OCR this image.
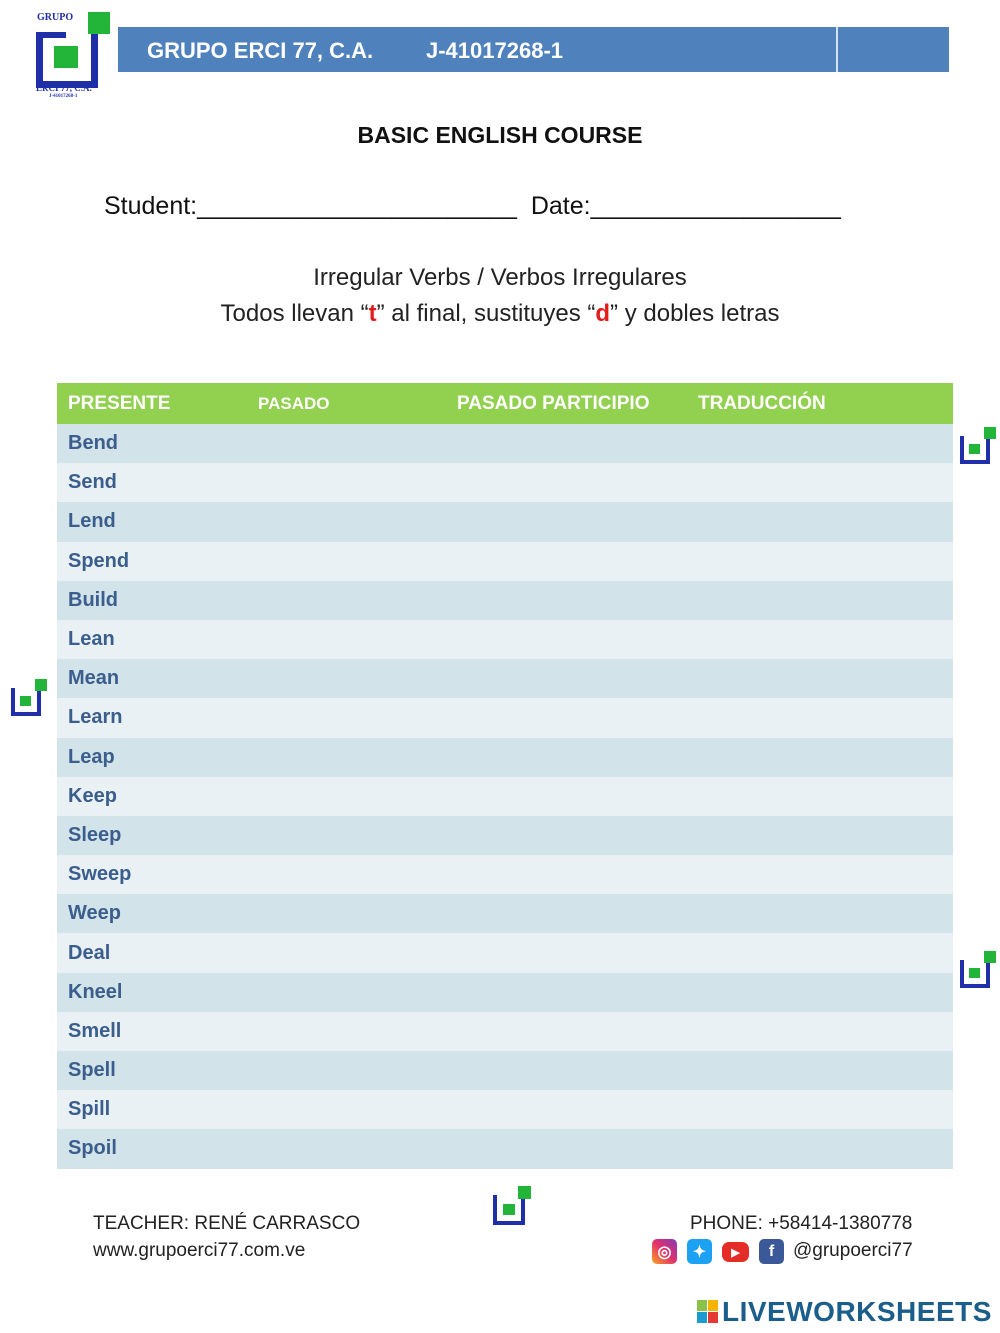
GRUPO
ERCI 77, C.A.
J-41017268-1
GRUPO ERCI 77, C.A. J-41017268-1
BASIC ENGLISH COURSE
Student:_______________________ Date:__________________
Irregular Verbs / Verbos Irregulares
Todos llevan “t” al final, sustituyes “d” y dobles letras
PRESENTE	PASADO	PASADO PARTICIPIO	TRADUCCIÓN
Bend			
Send			
Lend			
Spend			
Build			
Lean			
Mean			
Learn			
Leap			
Keep			
Sleep			
Sweep			
Weep			
Deal			
Kneel			
Smell			
Spell			
Spill			
Spoil			
TEACHER: RENÉ CARRASCO
www.grupoerci77.com.ve
PHONE: +58414-1380778
◎	✦	▶	f @grupoerci77
LIVEWORKSHEETS
